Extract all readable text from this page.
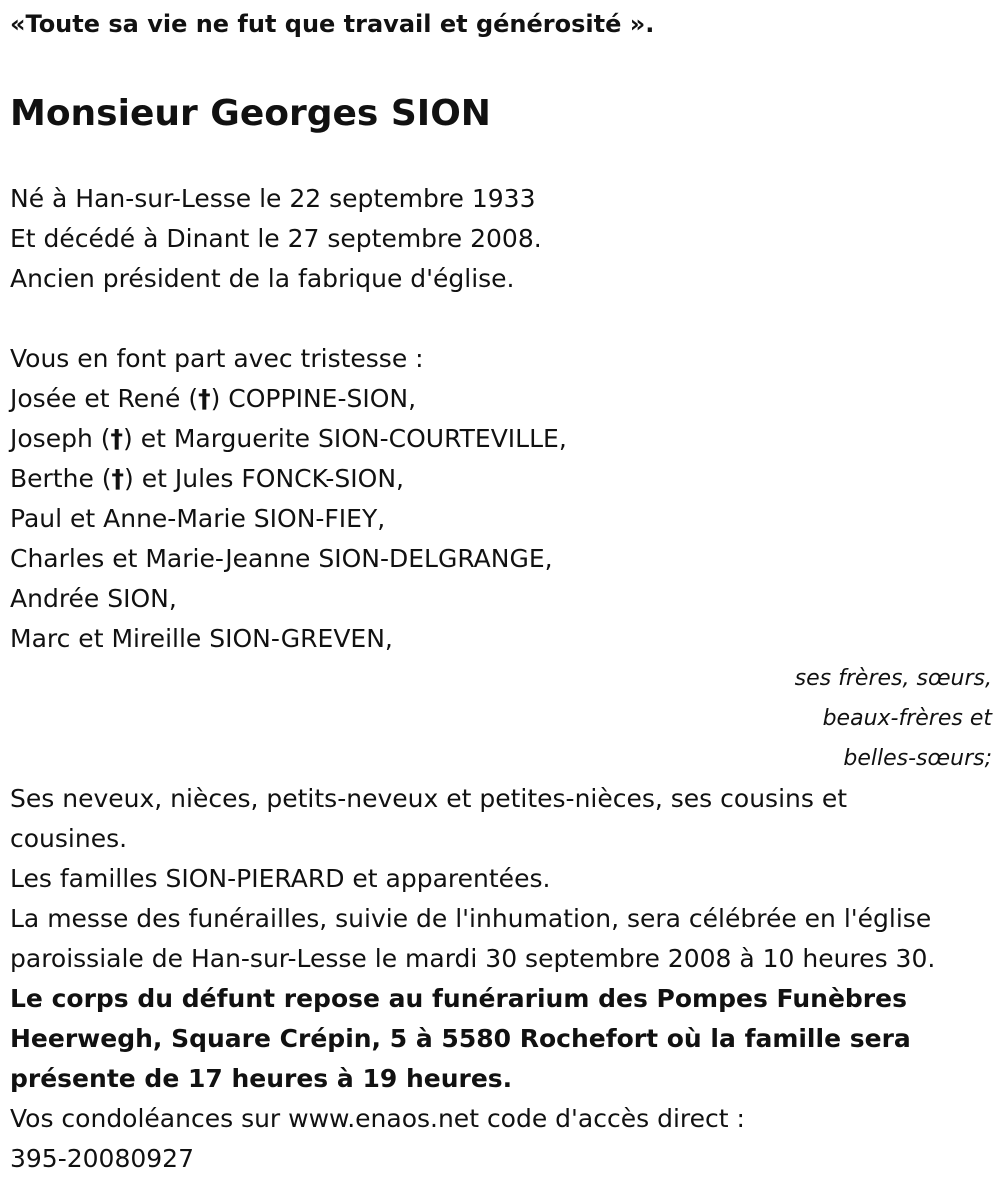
«Toute sa vie ne fut que travail et générosité ».

Monsieur Georges SION
Né à Han-sur-Lesse le 22 septembre 1933
Et décédé à Dinant le 27 septembre 2008.
Ancien président de la fabrique d'église.
Vous en font part avec tristesse :
Josée et René (†) COPPINE-SION,
Joseph (†) et Marguerite SION-COURTEVILLE,
Berthe (†) et Jules FONCK-SION,
Paul et Anne-Marie SION-FIEY,
Charles et Marie-Jeanne SION-DELGRANGE,
Andrée SION,
Marc et Mireille SION-GREVEN,
ses frères, sœurs,
beaux-frères et
belles-sœurs;
Ses neveux, nièces, petits-neveux et petites-nièces, ses cousins et
cousines.
Les familles SION-PIERARD et apparentées.
La messe des funérailles, suivie de l'inhumation, sera célébrée en l'église
paroissiale de Han-sur-Lesse le mardi 30 septembre 2008 à 10 heures 30.
Le corps du défunt repose au funérarium des Pompes Funèbres
Heerwegh, Square Crépin, 5 à 5580 Rochefort où la famille sera
présente de 17 heures à 19 heures.
Vos condoléances sur www.enaos.net code d'accès direct :
395-20080927
